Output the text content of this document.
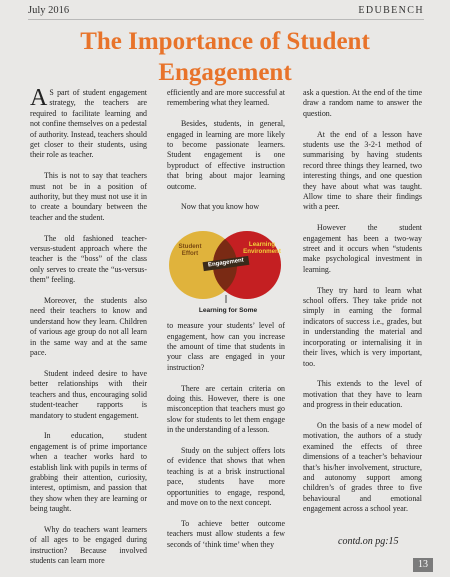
July 2016	EDUBENCH
The Importance of Student Engagement

A S part of student engagement strategy, the teachers are required to facilitate learning and not confine themselves on a pedestal of authority. Instead, teachers should get closer to their students, using their role as teacher.

This is not to say that teachers must not be in a position of authority, but they must not use it in to create a boundary between the teacher and the student.

The old fashioned teacher-versus-student approach where the teacher is the “boss” of the class only serves to create the “us-versus-them” feeling.

Moreover, the students also need their teachers to know and understand how they learn. Children of various age group do not all learn in the same way and at the same pace.

Student indeed desire to have better relationships with their teachers and thus, encouraging solid student-teacher rapports is mandatory to student engagement.

In education, student engagement is of prime importance when a teacher works hard to establish link with pupils in terms of grabbing their attention, curiosity, interest, optimism, and passion that they show when they are learning or being taught.

Why do teachers want learners of all ages to be engaged during instruction? Because involved students can learn more

efficiently and are more successful at remembering what they learned.

Besides, students, in general, engaged in learning are more likely to become passionate learners. Student engagement is one byproduct of effective instruction that bring about major learning outcome.

Now that you know how

Student Effort
Learning Environment
Engagement
Learning for Some

to measure your students’ level of engagement, how can you increase the amount of time that students in your class are engaged in your instruction?

There are certain criteria on doing this. However, there is one misconception that teachers must go slow for students to let them engage in the understanding of a lesson.

Study on the subject offers lots of evidence that shows that when teaching is at a brisk instructional pace, students have more opportunities to engage, respond, and move on to the next concept.

To achieve better outcome teachers must allow students a few seconds of ‘think time’ when they

ask a question. At the end of the time draw a random name to answer the question.

At the end of a lesson have students use the 3-2-1 method of summarising by having students record three things they learned, two interesting things, and one question they have about what was taught. Allow time to share their findings with a peer.

However the student engagement has been a two-way street and it occurs when “students make psychological investment in learning.

They try hard to learn what school offers. They take pride not simply in earning the formal indicators of success i.e., grades, but in understanding the material and incorporating or internalising it in their lives, which is very important, too.

This extends to the level of motivation that they have to learn and progress in their education.

On the basis of a new model of motivation, the authors of a study examined the effects of three dimensions of a teacher’s behaviour that’s his/her involvement, structure, and autonomy support among children’s of grades three to five behavioural and emotional engagement across a school year.

contd.on pg:15
13
